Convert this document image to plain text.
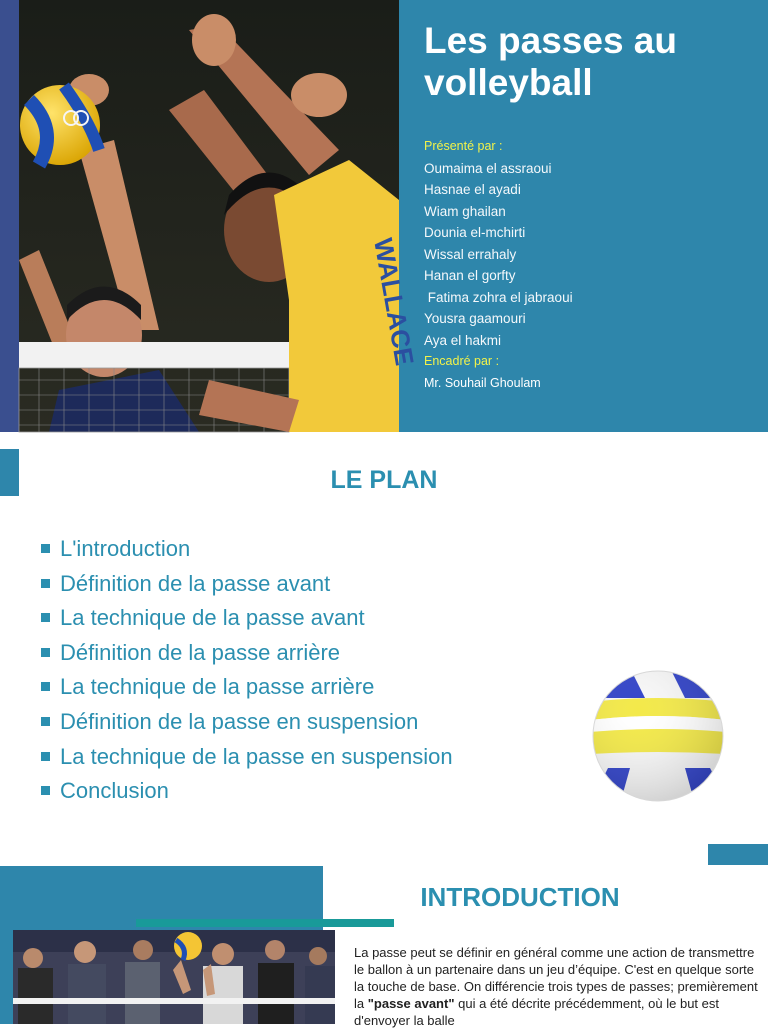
WALLACE
Les passes au volleyball
Présenté par :
Oumaima el assraoui
Hasnae el ayadi
Wiam ghailan
Dounia el-mchirti
Wissal errahaly
Hanan el gorfty
Fatima zohra el jabraoui
Yousra gaamouri
Aya el hakmi
Encadré par :
Mr. Souhail Ghoulam
LE PLAN
L'introduction
Définition de la passe avant
La technique de la passe avant
Définition de la passe arrière
La technique de la passe arrière
Définition de la passe en suspension
La technique de la passe en suspension
Conclusion
INTRODUCTION
La passe peut se définir en général comme une action de transmettre le ballon à un partenaire dans un jeu d’équipe. C'est en quelque sorte la touche de base. On différencie trois types de passes; premièrement la "passe avant" qui a été décrite précédemment, où le but est d'envoyer la balle
